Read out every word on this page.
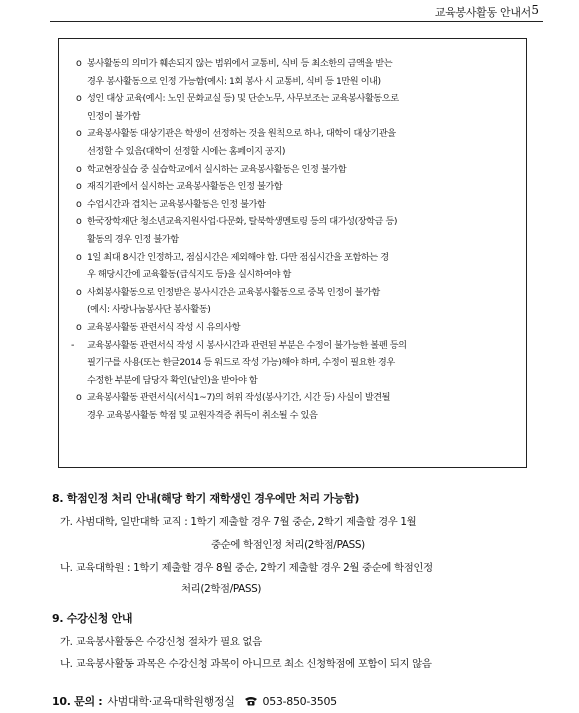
교육봉사활동 안내서 5
o 봉사활동의 의미가 훼손되지 않는 범위에서 교통비, 식비 등 최소한의 금액을 받는
경우 봉사활동으로 인정 가능함(예시: 1회 봉사 시 교통비, 식비 등 1만원 이내)
o 성인 대상 교육(예시: 노인 문화교실 등) 및 단순노무, 사무보조는 교육봉사활동으로
인정이 불가함
o 교육봉사활동 대상기관은 학생이 선정하는 것을 원칙으로 하나, 대학이 대상기관을
선정할 수 있음(대학이 선정할 시에는 홈페이지 공지)
o 학교현장실습 중 실습학교에서 실시하는 교육봉사활동은 인정 불가함
o 재직기관에서 실시하는 교육봉사활동은 인정 불가함
o 수업시간과 겹치는 교육봉사활동은 인정 불가함
o 한국장학재단 청소년교육지원사업·다문화, 탈북학생멘토링 등의 대가성(장학금 등)
활동의 경우 인정 불가함
o 1일 최대 8시간 인정하고, 점심시간은 제외해야 함. 다만 점심시간을 포함하는 경
우 해당시간에 교육활동(급식지도 등)을 실시하여야 함
o 사회봉사활동으로 인정받은 봉사시간은 교육봉사활동으로 중복 인정이 불가함
(예시: 사랑나눔봉사단 봉사활동)
o 교육봉사활동 관련서식 작성 시 유의사항
- 교육봉사활동 관련서식 작성 시 봉사시간과 관련된 부분은 수정이 불가능한 볼펜 등의
필기구를 사용(또는 한글2014 등 워드로 작성 가능)해야 하며, 수정이 필요한 경우
수정한 부분에 담당자 확인(날인)을 받아야 함
o 교육봉사활동 관련서식(서식1~7)의 허위 작성(봉사기간, 시간 등) 사실이 발견될
경우 교육봉사활동 학점 및 교원자격증 취득이 취소될 수 있음
8. 학점인정 처리 안내(해당 학기 재학생인 경우에만 처리 가능함)
가. 사범대학, 일반대학 교직 : 1학기 제출할 경우 7월 중순, 2학기 제출할 경우 1월
중순에 학점인정 처리(2학점/PASS)
나. 교육대학원 : 1학기 제출할 경우 8월 중순, 2학기 제출할 경우 2월 중순에 학점인정
처리(2학점/PASS)
9. 수강신청 안내
가. 교육봉사활동은 수강신청 절차가 필요 없음
나. 교육봉사활동 과목은 수강신청 과목이 아니므로 최소 신청학점에 포함이 되지 않음
10. 문의 : 사범대학·교육대학원행정실	053-850-3505
